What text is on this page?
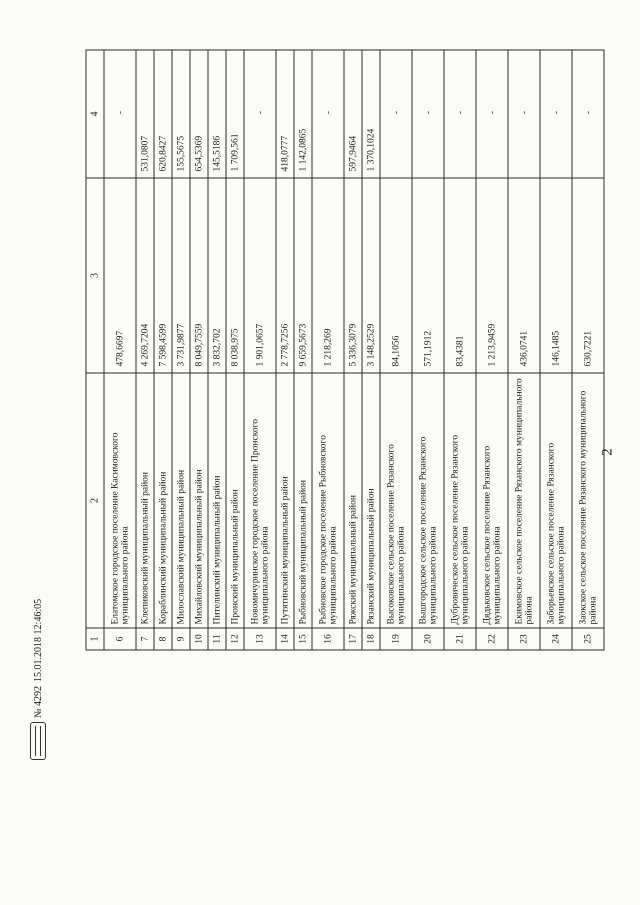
2
1	2	3	4
6	Елатомское городское поселение Касимовского муниципального района	478,6697	-
7	Клепиковский муниципальный район	4 269,7204	531,0807
8	Кораблинский муниципальный район	7 598,4599	620,8427
9	Милославский муниципальный район	3 731,9877	155,5675
10	Михайловский муниципальный район	8 049,7559	654,5369
11	Пителинский муниципальный район	3 832,702	145,5186
12	Пронский муниципальный район	8 038,975	1 709,561
13	Новомичуринское городское поселение Пронского муниципального района	1 901,0657	-
14	Путятинский муниципальный район	2 778,7256	418,0777
15	Рыбновский муниципальный район	9 659,5673	1 142,0865
16	Рыбновское городское поселение Рыбновского муниципального района	1 218,269	-
17	Ряжский муниципальный район	5 336,3079	597,9464
18	Рязанский муниципальный район	3 148,2529	1 370,1024
19	Высоковское сельское поселение Рязанского муниципального района	84,1056	-
20	Вышгородское сельское поселение Рязанского муниципального района	571,1912	-
21	Дубровическое сельское поселение Рязанского муниципального района	83,4381	-
22	Дядьковское сельское поселение Рязанского муниципального района	1 213,9459	-
23	Екимовское сельское поселение Рязанского муниципального района	436,0741	-
24	Заборьевское сельское поселение Рязанского муниципального района	146,1485	-
25	Заокское сельское поселение Рязанского муниципального района	630,7221	-
№ 4292
15.01.2018 12:46:05
